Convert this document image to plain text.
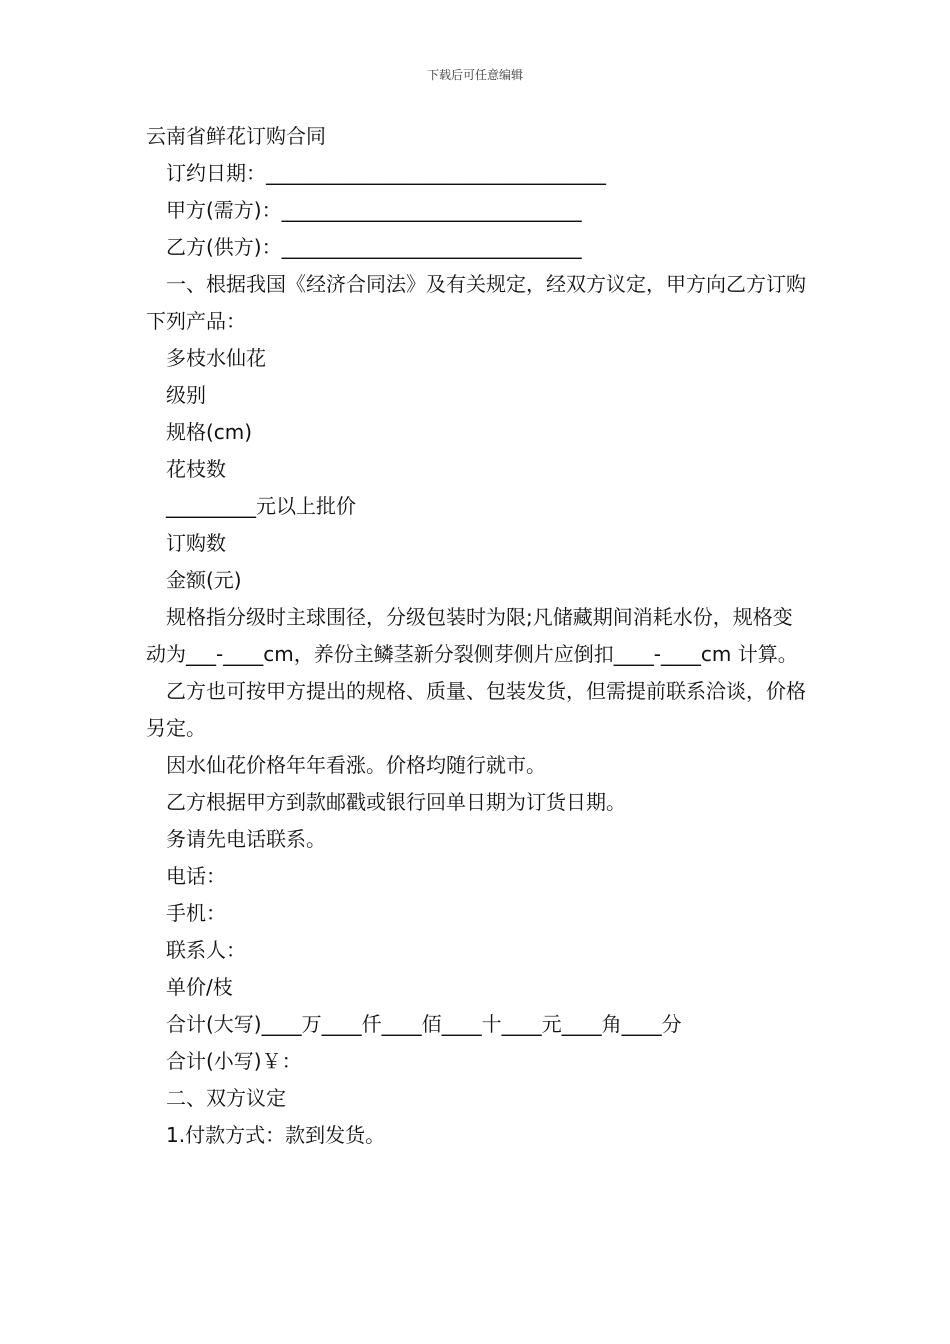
下载后可任意编辑

云南省鲜花订购合同

订约日期：__________________________________

甲方(需方)：______________________________

乙方(供方)：______________________________

一、根据我国《经济合同法》及有关规定，经双方议定，甲方向乙方订购下列产品：

多枝水仙花

级别

规格(cm)

花枝数

_________元以上批价

订购数

金额(元)

规格指分级时主球围径，分级包装时为限;凡储藏期间消耗水份，规格变动为___-____cm，养份主鳞茎新分裂侧芽侧片应倒扣____-____cm 计算。

乙方也可按甲方提出的规格、质量、包装发货，但需提前联系洽谈，价格另定。

因水仙花价格年年看涨。价格均随行就市。

乙方根据甲方到款邮戳或银行回单日期为订货日期。

务请先电话联系。

电话：

手机：

联系人：

单价/枝

合计(大写)____万____仟____佰____十____元____角____分

合计(小写)￥：

二、双方议定

1.付款方式：款到发货。
